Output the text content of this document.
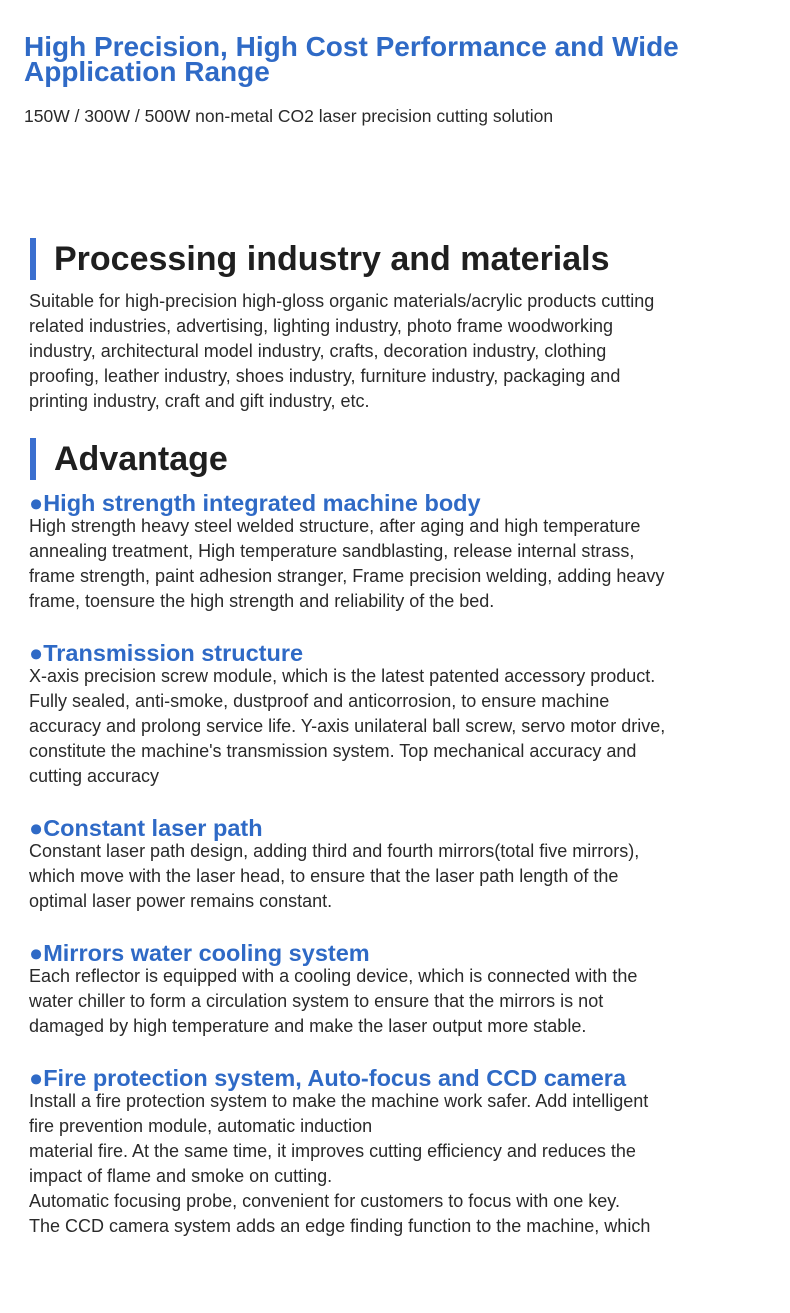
High Precision, High Cost Performance and Wide Application Range

150W / 300W / 500W non-metal CO2 laser precision cutting solution

Processing industry and materials

Suitable for high-precision high-gloss organic materials/acrylic products cutting
related industries, advertising, lighting industry, photo frame woodworking
industry, architectural model industry, crafts, decoration industry, clothing
proofing, leather industry, shoes industry, furniture industry, packaging and
printing industry, craft and gift industry, etc.

Advantage
●High strength integrated machine body

High strength heavy steel welded structure, after aging and high temperature
annealing treatment, High temperature sandblasting, release internal strass,
frame strength, paint adhesion stranger, Frame precision welding, adding heavy
frame, toensure the high strength and reliability of the bed.

●Transmission structure

X-axis precision screw module, which is the latest patented accessory product.
Fully sealed, anti-smoke, dustproof and anticorrosion, to ensure machine
accuracy and prolong service life. Y-axis unilateral ball screw, servo motor drive,
constitute the machine's transmission system. Top mechanical accuracy and
cutting accuracy

●Constant laser path

Constant laser path design, adding third and fourth mirrors(total five mirrors),
which move with the laser head, to ensure that the laser path length of the
optimal laser power remains constant.

●Mirrors water cooling system

Each reflector is equipped with a cooling device, which is connected with the
water chiller to form a circulation system to ensure that the mirrors is not
damaged by high temperature and make the laser output more stable.

●Fire protection system, Auto-focus and CCD camera

Install a fire protection system to make the machine work safer. Add intelligent
fire prevention module, automatic induction
material fire. At the same time, it improves cutting efficiency and reduces the
impact of flame and smoke on cutting.
Automatic focusing probe, convenient for customers to focus with one key.
The CCD camera system adds an edge finding function to the machine, which
